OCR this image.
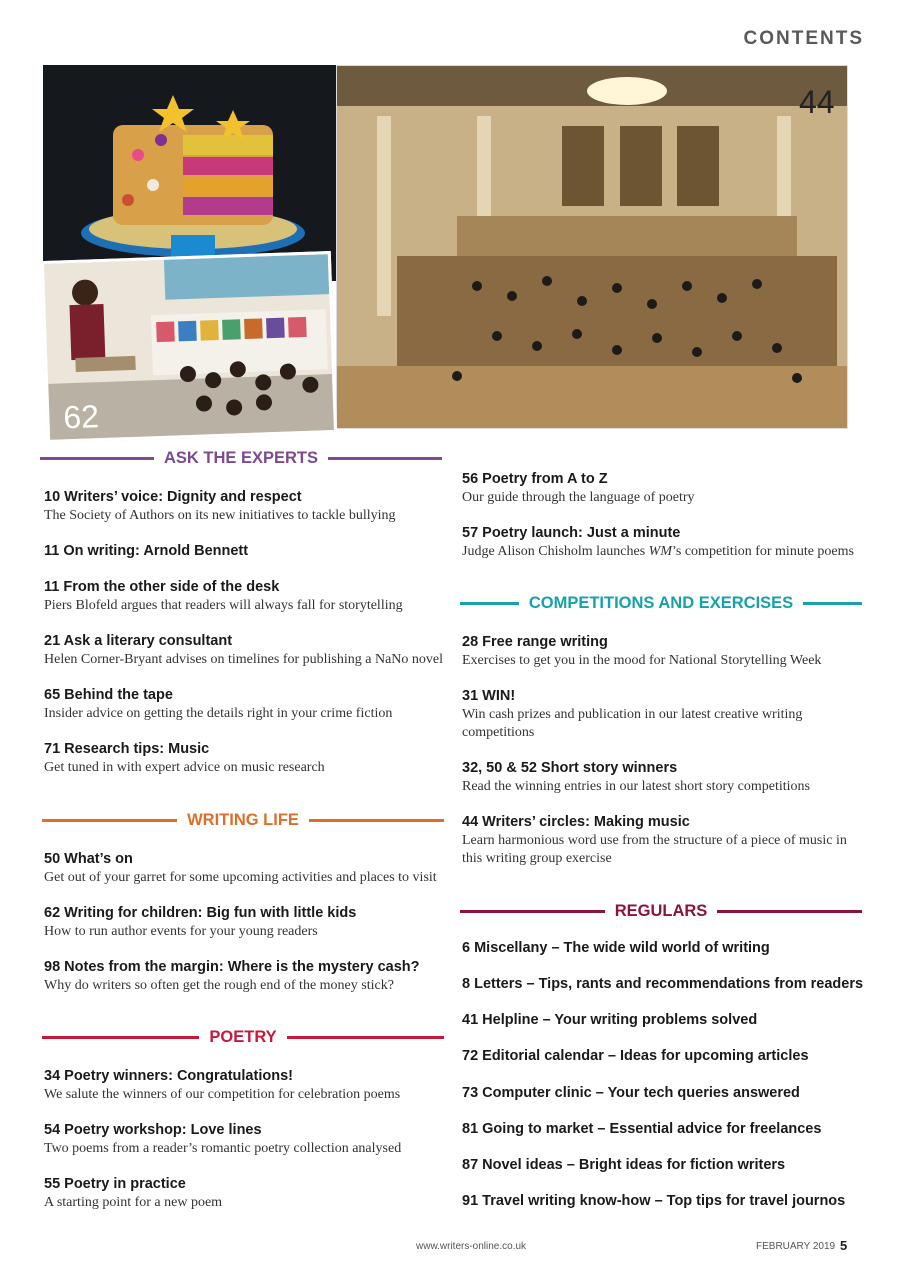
CONTENTS
44
62
ASK THE EXPERTS
10 Writers’ voice: Dignity and respect
The Society of Authors on its new initiatives to tackle bullying
11 On writing: Arnold Bennett
11 From the other side of the desk
Piers Blofeld argues that readers will always fall for storytelling
21 Ask a literary consultant
Helen Corner-Bryant advises on timelines for publishing a NaNo novel
65 Behind the tape
Insider advice on getting the details right in your crime fiction
71 Research tips: Music
Get tuned in with expert advice on music research
WRITING LIFE
50 What’s on
Get out of your garret for some upcoming activities and places to visit
62 Writing for children: Big fun with little kids
How to run author events for your young readers
98 Notes from the margin: Where is the mystery cash?
Why do writers so often get the rough end of the money stick?
POETRY
34 Poetry winners: Congratulations!
We salute the winners of our competition for celebration poems
54 Poetry workshop: Love lines
Two poems from a reader’s romantic poetry collection analysed
55 Poetry in practice
A starting point for a new poem
56 Poetry from A to Z
Our guide through the language of poetry
57 Poetry launch: Just a minute
Judge Alison Chisholm launches WM’s competition for minute poems
COMPETITIONS AND EXERCISES
28 Free range writing
Exercises to get you in the mood for National Storytelling Week
31 WIN!
Win cash prizes and publication in our latest creative writing competitions
32, 50 & 52 Short story winners
Read the winning entries in our latest short story competitions
44 Writers’ circles: Making music
Learn harmonious word use from the structure of a piece of music in this writing group exercise
REGULARS
6 Miscellany – The wide wild world of writing
8 Letters – Tips, rants and recommendations from readers
41 Helpline – Your writing problems solved
72 Editorial calendar – Ideas for upcoming articles
73 Computer clinic – Your tech queries answered
81 Going to market – Essential advice for freelances
87 Novel ideas – Bright ideas for fiction writers
91 Travel writing know-how – Top tips for travel journos
www.writers-online.co.uk	FEBRUARY 2019 5
